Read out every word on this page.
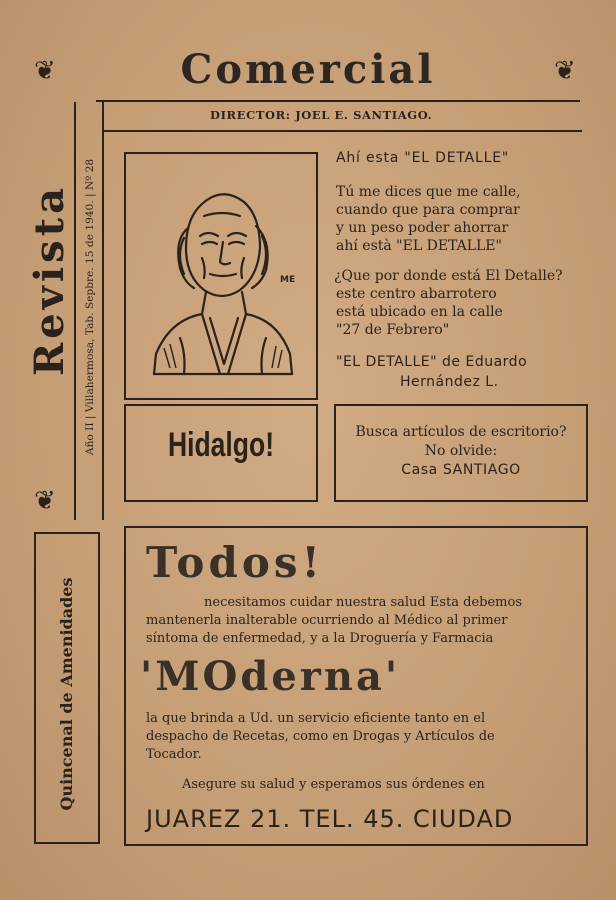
❦	❦
❦
Comercial
DIRECTOR: JOEL E. SANTIAGO.
Revista	Año II | Villahermosa, Tab. Sepbre. 15 de 1940. | Nº 28
Quincenal de Amenidades
ME
Hidalgo!
Ahí esta "EL DETALLE"
Tú me dices que me calle,
cuando que para comprar
y un peso poder ahorrar
ahí està "EL DETALLE"
¿Que por donde está El Detalle?
este centro abarrotero
está ubicado en la calle
"27 de Febrero"
"EL DETALLE" de Eduardo
Hernández L.
Busca artículos de escritorio?
No olvide:
Casa SANTIAGO
Todos!
necesitamos cuidar nuestra salud Esta debemos
mantenerla inalterable ocurriendo al Médico al primer
síntoma de enfermedad, y a la Droguería y Farmacia
'MOderna'
la que brinda a Ud. un servicio eficiente tanto en el
despacho de Recetas, como en Drogas y Artículos de
Tocador.
Asegure su salud y esperamos sus órdenes en
JUAREZ 21. TEL. 45. CIUDAD
